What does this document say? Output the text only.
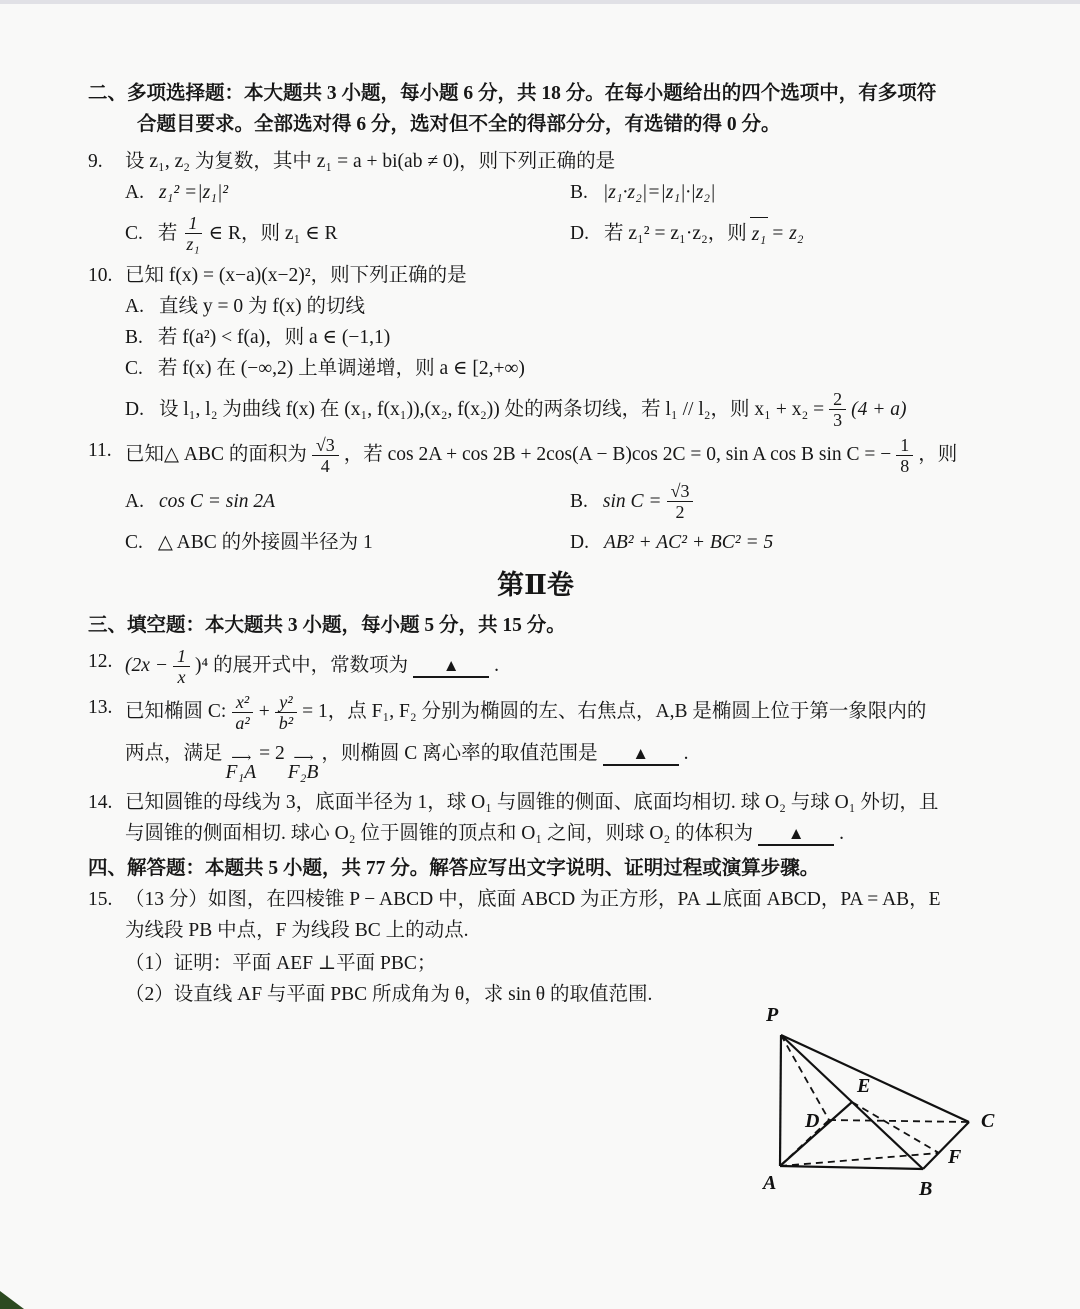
二、多项选择题：本大题共 3 小题，每小题 6 分，共 18 分。在每小题给出的四个选项中，有多项符
合题目要求。全部选对得 6 分，选对但不全的得部分分，有选错的得 0 分。
9.	设 z₁, z₂ 为复数，其中 z₁ = a + bi(ab ≠ 0)，则下列正确的是
A. z₁² =|z₁|²	B. |z₁·z₂|=|z₁|·|z₂|
C. 若 $\frac{1}{\text{z₁}}$ ∈ R，则 z₁ ∈ R	D. 若 z₁² = z₁·z₂，则 z₁ = z₂
10. 已知 f(x) = (x−a)(x−2)²，则下列正确的是
A. 直线 y = 0 为 f(x) 的切线
B. 若 f(a²) < f(a)，则 a ∈ (−1,1)
C. 若 f(x) 在 (−∞,2) 上单调递增，则 a ∈ [2,+∞)
D. 设 l₁, l₂ 为曲线 f(x) 在 (x₁, f(x₁)),(x₂, f(x₂)) 处的两条切线，若 l₁ // l₂，则 $x_1 + x_2 = \frac{2}{3} (4 + a)$
11. 已知△ ABC 的面积为 $\frac{√3}{4}$ ，若 cos 2A + cos 2B + 2cos(A − B)cos 2C = 0, sin A cos B sin C = − $\frac{1}{8}$ ，则
A. cos C = sin 2A	B. $\sin C = \frac{√3}{2}$
C. △ ABC 的外接圆半径为 1	D. AB² + AC² + BC² = 5
第Ⅱ卷
三、填空题：本大题共 3 小题，每小题 5 分，共 15 分。
12. $(2x - \frac{1}{x} )^4$ 的展开式中，常数项为 ▲ .
13. 已知椭圆 C: $\frac{\text{x²}}{\text{a²}} + \frac{\text{y²}}{\text{b²}} = 1$，点 F₁, F₂ 分别为椭圆的左、右焦点，A,B 是椭圆上位于第一象限内的
两点，满足 ⟶
F₁A
= 2 ⟶
F₂B
，则椭圆 C 离心率的取值范围是 ▲ .
14. 已知圆锥的母线为 3，底面半径为 1，球 O₁ 与圆锥的侧面、底面均相切. 球 O₂ 与球 O₁ 外切，且
与圆锥的侧面相切. 球心 O₂ 位于圆锥的顶点和 O₁ 之间，则球 O₂ 的体积为 ▲ .
四、解答题：本题共 5 小题，共 77 分。解答应写出文字说明、证明过程或演算步骤。
15. （13 分）如图，在四棱锥 P − ABCD 中，底面 ABCD 为正方形，PA ⊥底面 ABCD，PA = AB，E
为线段 PB 中点，F 为线段 BC 上的动点.
（1）证明：平面 AEF ⊥平面 PBC；
（2）设直线 AF 与平面 PBC 所成角为 θ，求 sin θ 的取值范围.
P
A	B
C
D
E
F
